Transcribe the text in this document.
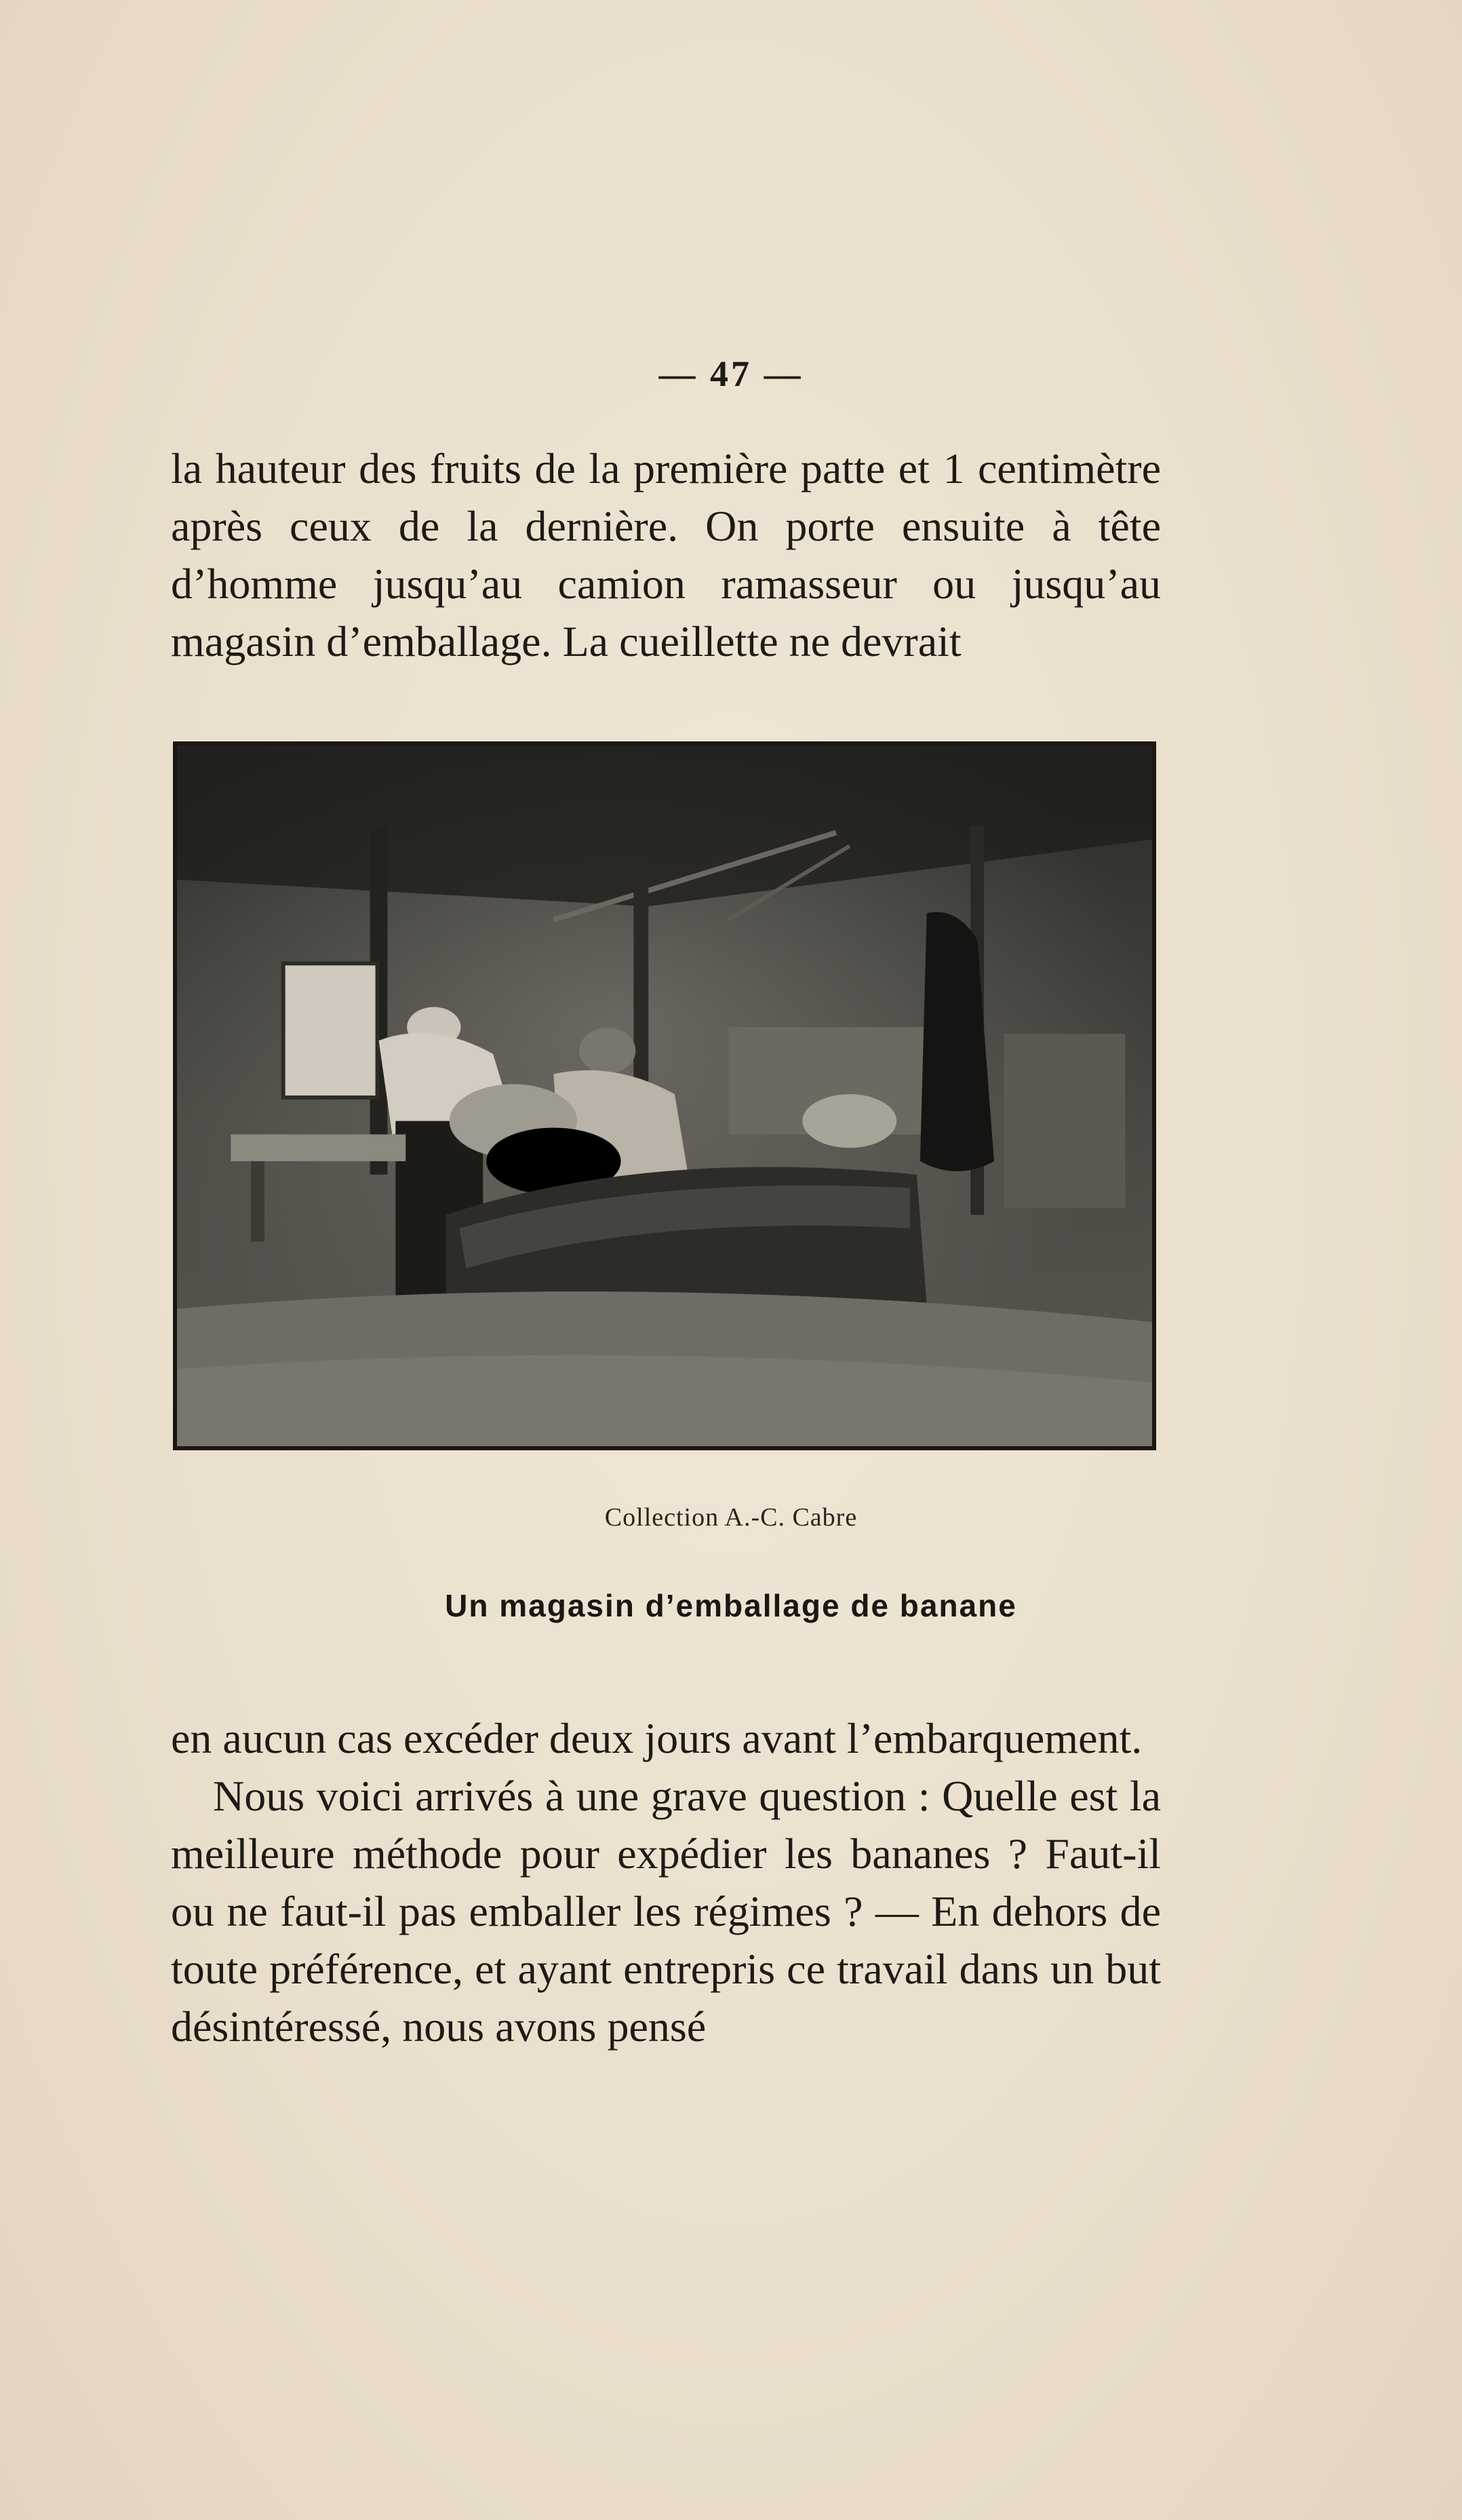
— 47 —

la hauteur des fruits de la première patte et 1 centimètre après ceux de la dernière. On porte ensuite à tête d’homme jusqu’au camion ramasseur ou jusqu’au magasin d’emballage. La cueillette ne devrait

Collection A.-C. Cabre
Un magasin d’emballage de banane

en aucun cas excéder deux jours avant l’embarquement.

Nous voici arrivés à une grave question : Quelle est la meilleure méthode pour expédier les bananes ? Faut-il ou ne faut-il pas emballer les régimes ? — En dehors de toute préférence, et ayant entrepris ce travail dans un but désintéressé, nous avons pensé
